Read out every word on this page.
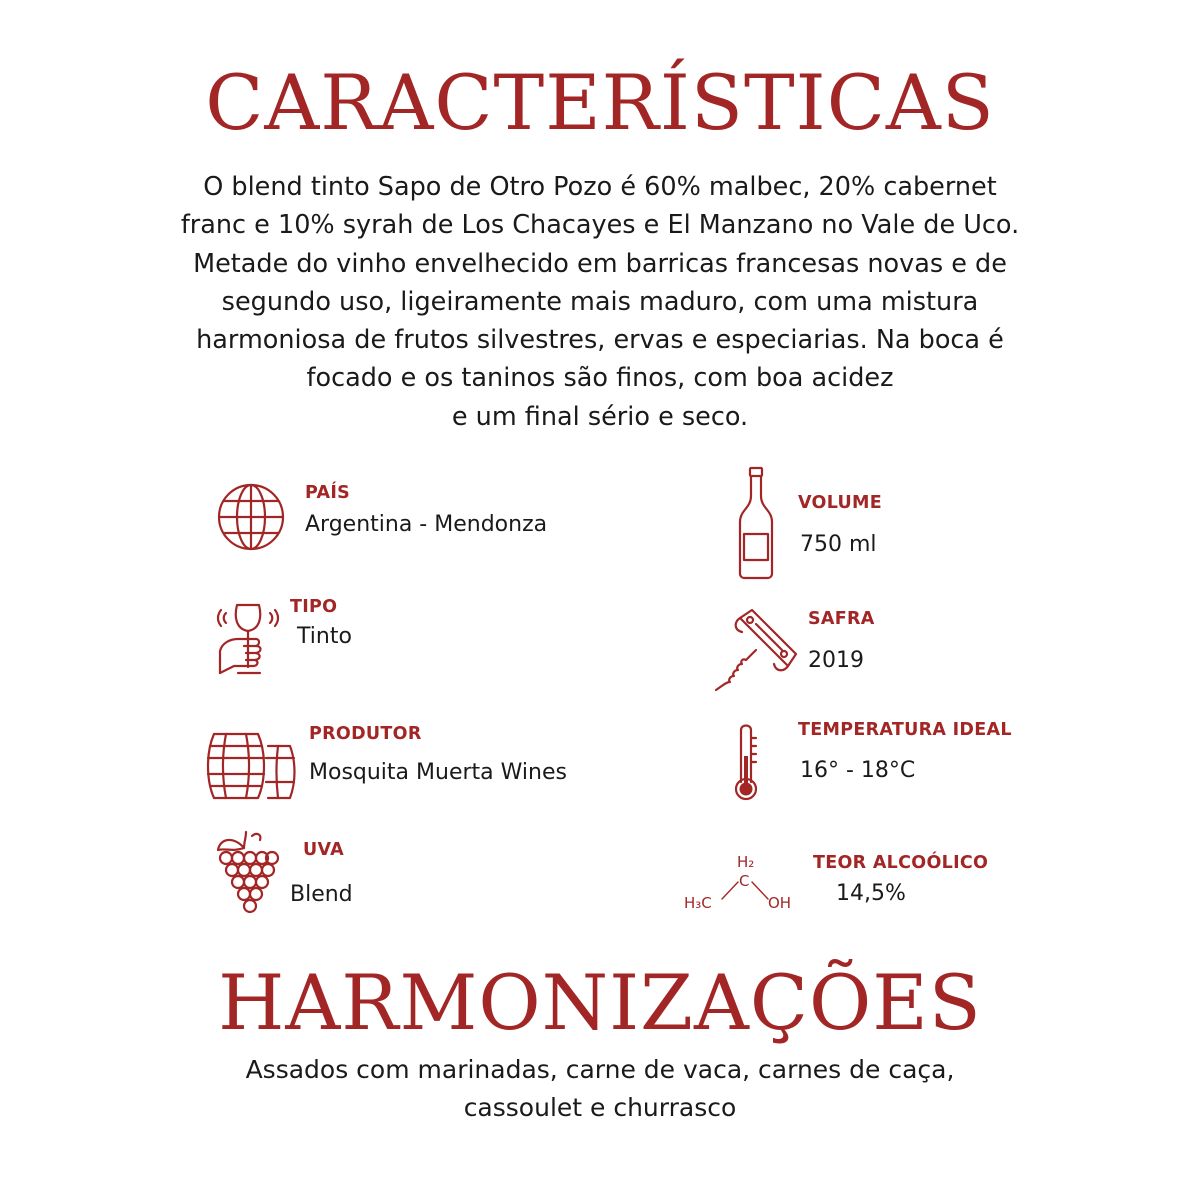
CARACTERÍSTICAS

O blend tinto Sapo de Otro Pozo é 60% malbec, 20% cabernet
franc e 10% syrah de Los Chacayes e El Manzano no Vale de Uco.
Metade do vinho envelhecido em barricas francesas novas e de
segundo uso, ligeiramente mais maduro, com uma mistura
harmoniosa de frutos silvestres, ervas e especiarias. Na boca é
focado e os taninos são finos, com boa acidez
e um final sério e seco.

PAÍS
Argentina - Mendonza
TIPO
Tinto
PRODUTOR
Mosquita Muerta Wines
UVA
Blend
VOLUME
750 ml
SAFRA
2019
TEMPERATURA IDEAL
16° - 18°C
H₂
C
H₃C	OH
TEOR ALCOÓLICO
14,5%
HARMONIZAÇÕES

Assados com marinadas, carne de vaca, carnes de caça,
cassoulet e churrasco
